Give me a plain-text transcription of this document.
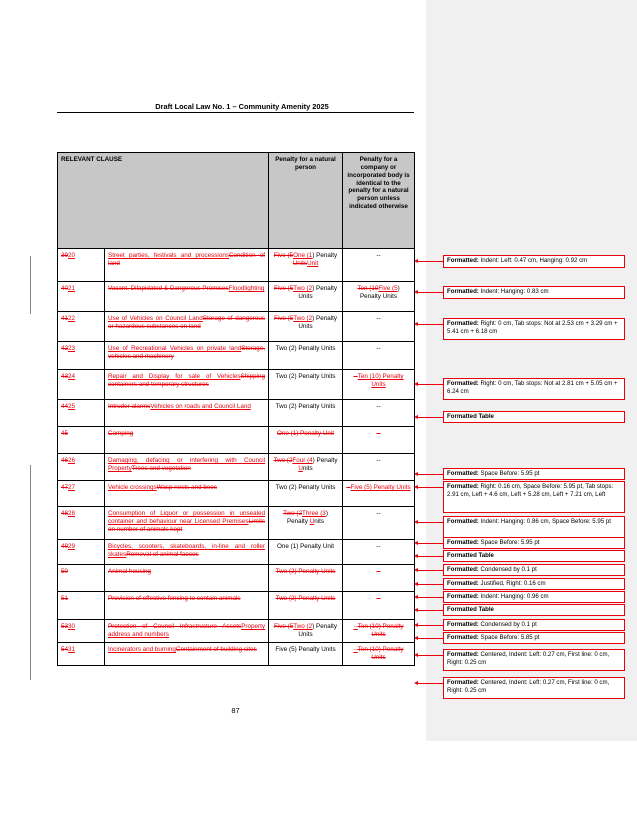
Draft Local Law No. 1 – Community Amenity 2025
RELEVANT CLAUSE		Penalty for a natural person	Penalty for a company or incorporated body is identical to the penalty for a natural person unless indicated otherwise
3920	Street parties, festivals and processionsCondition of land	Five (5One (1) Penalty UnitsUnit	--
4021	Vacant, Dilapidated & Dangerous PremisesFloodlighting	Five (5Two (2) Penalty Units	Ten (10Five (5) Penalty Units
4122	Use of Vehicles on Council LandStorage of dangerous or hazardous substances on land	Five (5Two (2) Penalty Units	--
4223	Use of Recreational Vehicles on private landStorage, vehicles and machinery	Two (2) Penalty Units	--
4324	Repair and Display for sale of VehiclesShipping containers and temporary structures	Two (2) Penalty Units	--Ten (10) Penalty Units
4425	Intruder alarmsVehicles on roads and Council Land	Two (2) Penalty Units	--
45	Camping	One (1) Penalty Unit	--
4626	Damaging, defacing or interfering with Council PropertyTrees and vegetation	Two (2Four (4) Penalty Units	--
4727	Vehicle crossingsWasp nests and bees	Two (2) Penalty Units	--Five (5) Penalty Units
4828	Consumption of Liquor or possession in unsealed container and behaviour near Licensed PremisesLimits on number of animals kept	Two (2Three (3) Penalty Units	--
4929	Bicycles, scooters, skateboards, in-line and roller skatesRemoval of animal faeces	One (1) Penalty Unit	--
50	Animal housing	Two (2) Penalty Units	--
51	Provision of effective fencing to contain animals	Two (2) Penalty Units	--
5330	Protection of Council Infrastructure AssetsProperty address and numbers	Five (5Two (2) Penalty Units	--Ten (10) Penalty Units
5431	Incinerators and burningContainment of building sites	Five (5) Penalty Units	--Ten (10) Penalty Units
Formatted: Indent: Left: 0.47 cm, Hanging: 0.92 cm
Formatted: Indent: Hanging: 0.83 cm
Formatted: Right: 0 cm, Tab stops: Not at 2.53 cm + 3.29 cm + 5.41 cm + 6.18 cm
Formatted: Right: 0 cm, Tab stops: Not at 2.81 cm + 5.05 cm + 6.24 cm
Formatted Table
Formatted: Space Before: 5.95 pt
Formatted: Right: 0.16 cm, Space Before: 5.95 pt, Tab stops: 2.91 cm, Left + 4.6 cm, Left + 5.28 cm, Left + 7.21 cm, Left
Formatted: Indent: Hanging: 0.86 cm, Space Before: 5.95 pt
Formatted: Space Before: 5.95 pt
Formatted Table
Formatted: Condensed by 0.1 pt
Formatted: Justified, Right: 0.16 cm
Formatted: Indent: Hanging: 0.96 cm
Formatted Table
Formatted: Condensed by 0.1 pt
Formatted: Space Before: 5.85 pt
Formatted: Centered, Indent: Left: 0.27 cm, First line: 0 cm, Right: 0.25 cm
Formatted: Centered, Indent: Left: 0.27 cm, First line: 0 cm, Right: 0.25 cm
87
